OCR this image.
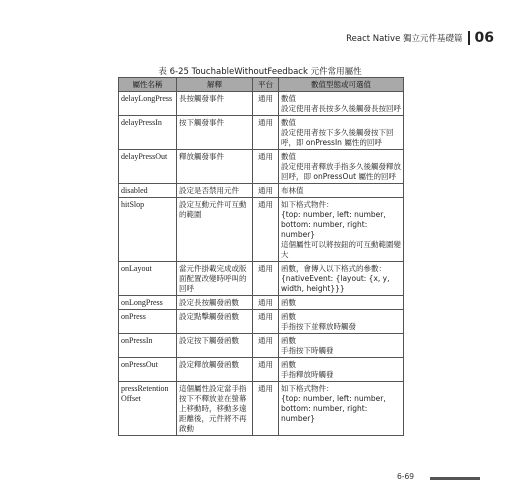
React Native 獨立元件基礎篇 06
表 6-25 TouchableWithoutFeedback 元件常用屬性
屬性名稱	解釋	平台	數值型態或可選值
delayLongPress	長按觸發事件	通用	數值
設定使用者長按多久後觸發長按回呼
delayPressIn	按下觸發事件	通用	數值
設定使用者按下多久後觸發按下回呼，即 onPressIn 屬性的回呼
delayPressOut	釋放觸發事件	通用	數值
設定使用者釋放手指多久後觸發釋放回呼，即 onPressOut 屬性的回呼
disabled	設定是否禁用元件	通用	布林值
hitSlop	設定互動元件可互動的範圍	通用	如下格式物件：
{top: number, left: number, bottom: number, right: number}
這個屬性可以將按鈕的可互動範圍變大
onLayout	當元件掛載完成或版面配置改變時呼叫的回呼	通用	函數，會傳入以下格式的參數：
{nativeEvent: {layout: {x, y, width, height}}}
onLongPress	設定長按觸發函數	通用	函數
onPress	設定點擊觸發函數	通用	函數
手指按下並釋放時觸發
onPressIn	設定按下觸發函數	通用	函數
手指按下時觸發
onPressOut	設定釋放觸發函數	通用	函數
手指釋放時觸發
pressRetention Offset	這個屬性設定當手指按下不釋放並在螢幕上移動時，移動多遠距離後，元件將不再啟動	通用	如下格式物件：
{top: number, left: number, bottom: number, right: number}
6-69
